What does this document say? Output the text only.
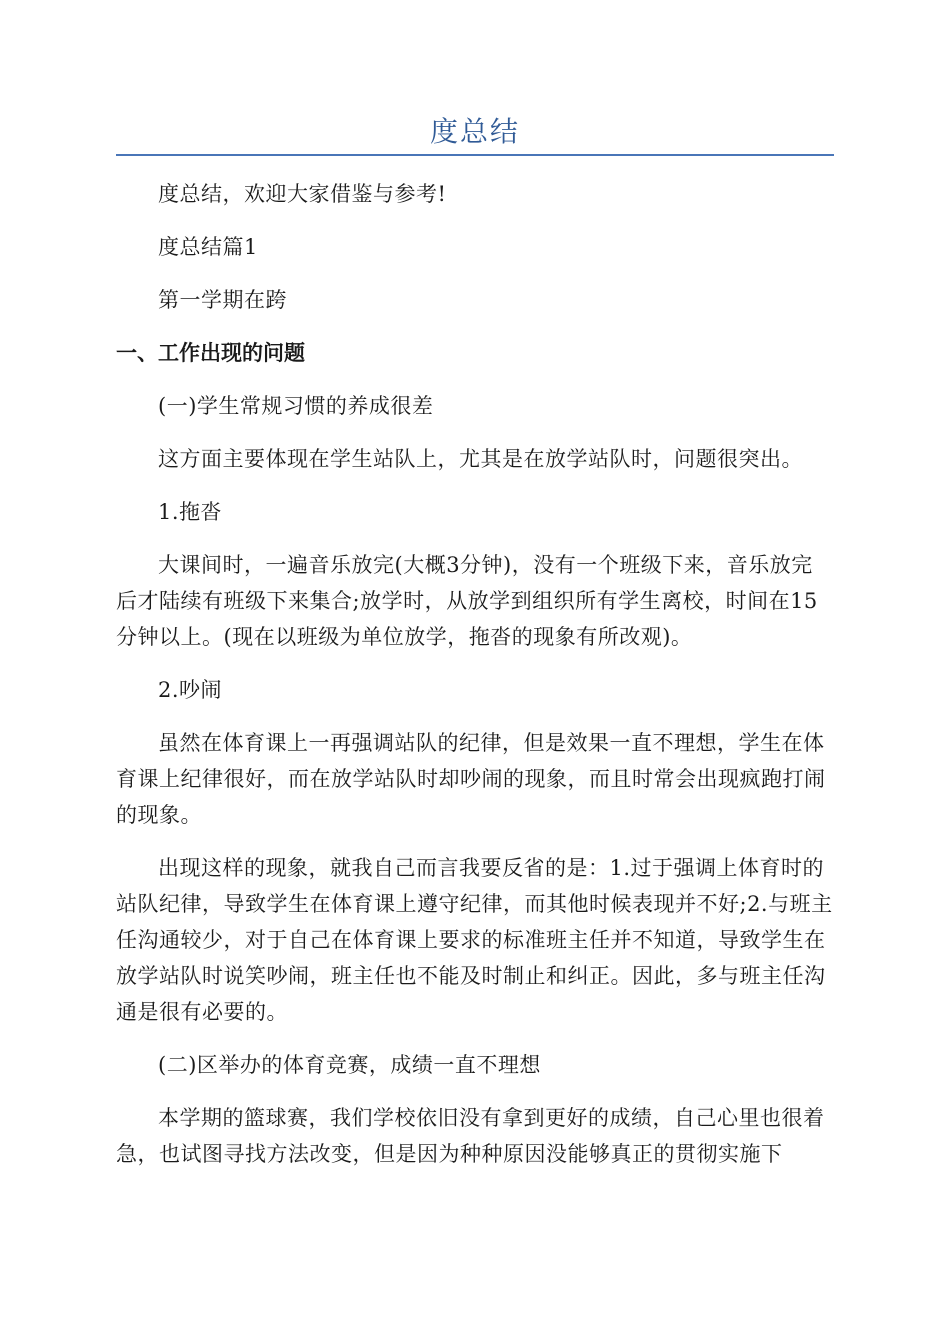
度总结

度总结，欢迎大家借鉴与参考!

度总结篇1

第一学期在跨

一、工作出现的问题

(一)学生常规习惯的养成很差

这方面主要体现在学生站队上，尤其是在放学站队时，问题很突出。

1.拖沓

大课间时，一遍音乐放完(大概3分钟)，没有一个班级下来，音乐放完后才陆续有班级下来集合;放学时，从放学到组织所有学生离校，时间在15分钟以上。(现在以班级为单位放学，拖沓的现象有所改观)。

2.吵闹

虽然在体育课上一再强调站队的纪律，但是效果一直不理想，学生在体育课上纪律很好，而在放学站队时却吵闹的现象，而且时常会出现疯跑打闹的现象。

出现这样的现象，就我自己而言我要反省的是：1.过于强调上体育时的站队纪律，导致学生在体育课上遵守纪律，而其他时候表现并不好;2.与班主任沟通较少，对于自己在体育课上要求的标准班主任并不知道，导致学生在放学站队时说笑吵闹，班主任也不能及时制止和纠正。因此，多与班主任沟通是很有必要的。

(二)区举办的体育竞赛，成绩一直不理想

本学期的篮球赛，我们学校依旧没有拿到更好的成绩，自己心里也很着急，也试图寻找方法改变，但是因为种种原因没能够真正的贯彻实施下
